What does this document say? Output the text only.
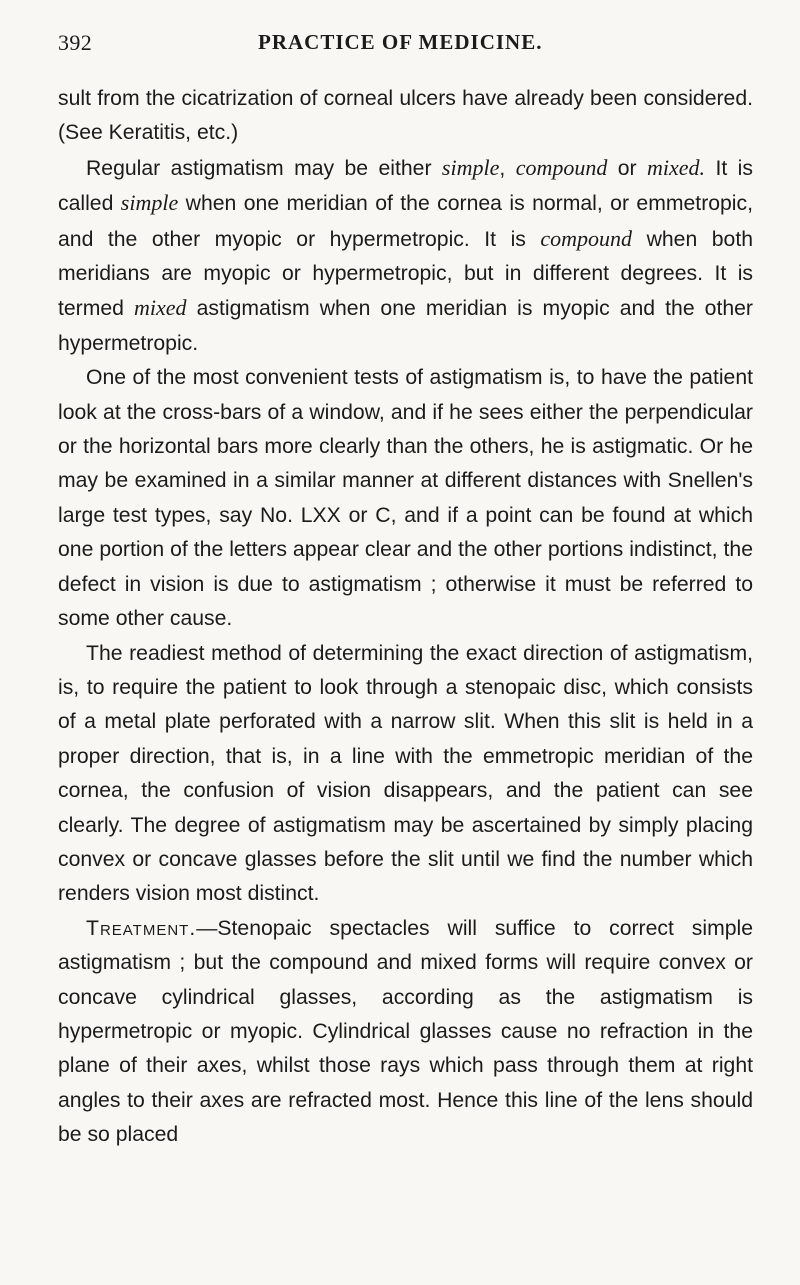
392	PRACTICE OF MEDICINE.

sult from the cicatrization of corneal ulcers have already been considered. (See Keratitis, etc.)

Regular astigmatism may be either simple, compound or mixed. It is called simple when one meridian of the cornea is normal, or emmetropic, and the other myopic or hypermetropic. It is compound when both meridians are myopic or hypermetropic, but in different degrees. It is termed mixed astigmatism when one meridian is myopic and the other hypermetropic.

One of the most convenient tests of astigmatism is, to have the patient look at the cross-bars of a window, and if he sees either the perpendicular or the horizontal bars more clearly than the others, he is astigmatic. Or he may be examined in a similar manner at different distances with Snellen's large test types, say No. LXX or C, and if a point can be found at which one portion of the letters appear clear and the other portions indistinct, the defect in vision is due to astigmatism ; otherwise it must be referred to some other cause.

The readiest method of determining the exact direction of astigmatism, is, to require the patient to look through a stenopaic disc, which consists of a metal plate perforated with a narrow slit. When this slit is held in a proper direction, that is, in a line with the emmetropic meridian of the cornea, the confusion of vision disappears, and the patient can see clearly. The degree of astigmatism may be ascertained by simply placing convex or concave glasses before the slit until we find the number which renders vision most distinct.

Treatment.—Stenopaic spectacles will suffice to correct simple astigmatism ; but the compound and mixed forms will require convex or concave cylindrical glasses, according as the astigmatism is hypermetropic or myopic. Cylindrical glasses cause no refraction in the plane of their axes, whilst those rays which pass through them at right angles to their axes are refracted most. Hence this line of the lens should be so placed
